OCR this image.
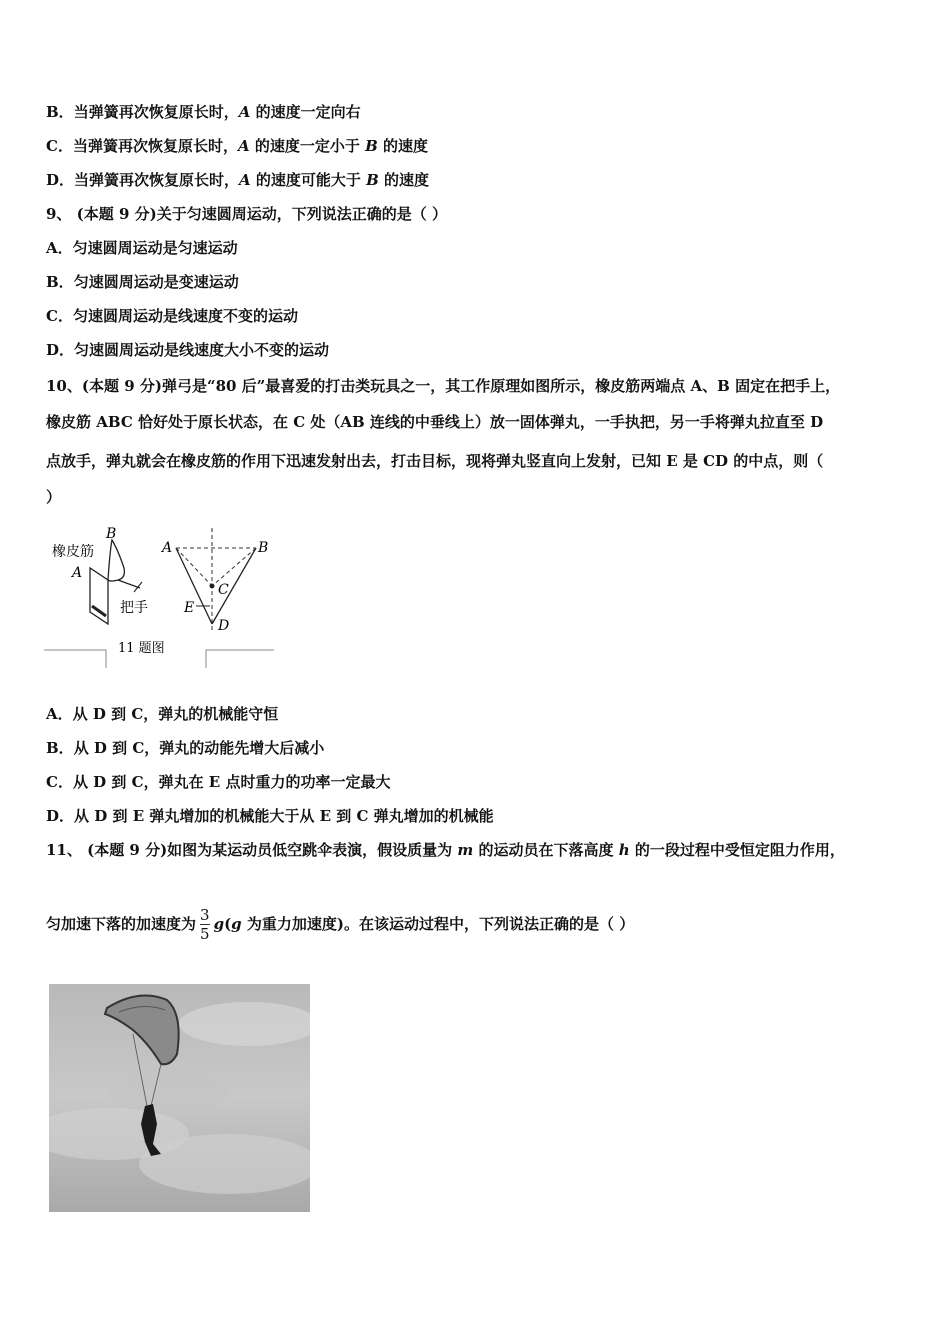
B．当弹簧再次恢复原长时，A 的速度一定向右
C．当弹簧再次恢复原长时，A 的速度一定小于 B 的速度
D．当弹簧再次恢复原长时，A 的速度可能大于 B 的速度
9、 (本题 9 分)关于匀速圆周运动，下列说法正确的是（ ）
A．匀速圆周运动是匀速运动
B．匀速圆周运动是变速运动
C．匀速圆周运动是线速度不变的运动
D．匀速圆周运动是线速度大小不变的运动
10、(本题 9 分)弹弓是“80 后”最喜爱的打击类玩具之一，其工作原理如图所示，橡皮筋两端点 A、B 固定在把手上，
橡皮筋 ABC 恰好处于原长状态，在 C 处（AB 连线的中垂线上）放一固体弹丸，一手执把，另一手将弹丸拉直至 D
点放手，弹丸就会在橡皮筋的作用下迅速发射出去，打击目标，现将弹丸竖直向上发射，已知 E 是 CD 的中点，则（
）
橡皮筋
B
A
把手
A	B
C
E
D
11 题图
A．从 D 到 C，弹丸的机械能守恒
B．从 D 到 C，弹丸的动能先增大后减小
C．从 D 到 C，弹丸在 E 点时重力的功率一定最大
D．从 D 到 E 弹丸增加的机械能大于从 E 到 C 弹丸增加的机械能
11、 (本题 9 分)如图为某运动员低空跳伞表演，假设质量为 m 的运动员在下落高度 h 的一段过程中受恒定阻力作用，
匀加速下落的加速度为 $\frac{3}{5} g(g$ 为重力加速度)。在该运动过程中，下列说法正确的是（ ）
